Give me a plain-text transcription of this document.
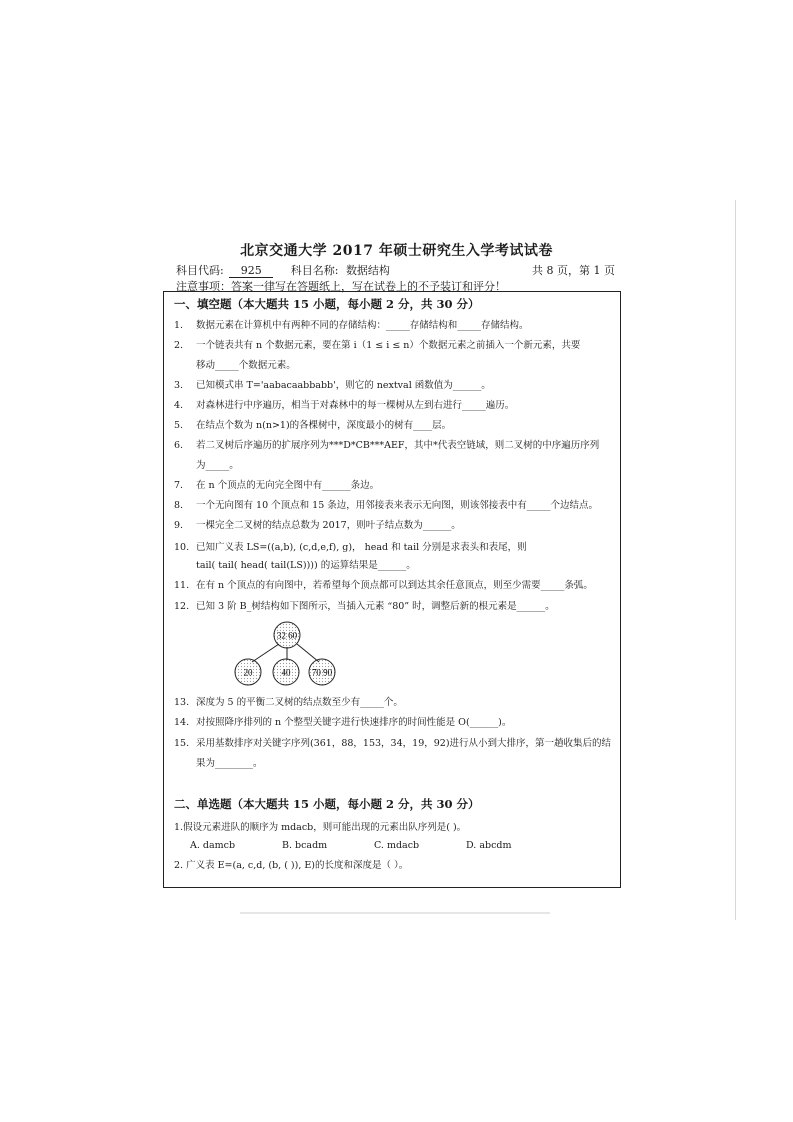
北京交通大学 2017 年硕士研究生入学考试试卷
科目代码: 925	科目名称: 数据结构	共 8 页，第 1 页
注意事项：答案一律写在答题纸上，写在试卷上的不予装订和评分！
一、填空题（本大题共 15 小题，每小题 2 分，共 30 分）
1. 数据元素在计算机中有两种不同的存储结构：_____存储结构和_____存储结构。
2. 一个链表共有 n 个数据元素，要在第 i（1 ≤ i ≤ n）个数据元素之前插入一个新元素，共要
移动_____个数据元素。
3. 已知模式串 T='aabacaabbabb'，则它的 nextval 函数值为______。
4. 对森林进行中序遍历，相当于对森林中的每一棵树从左到右进行_____遍历。
5. 在结点个数为 n(n>1)的各棵树中，深度最小的树有____层。
6. 若二叉树后序遍历的扩展序列为***D*CB***AEF，其中*代表空链域，则二叉树的中序遍历序列
为_____。
7. 在 n 个顶点的无向完全图中有______条边。
8. 一个无向图有 10 个顶点和 15 条边，用邻接表来表示无向图，则该邻接表中有_____个边结点。
9. 一棵完全二叉树的结点总数为 2017，则叶子结点数为______。
10. 已知广义表 LS=((a,b), (c,d,e,f), g)， head 和 tail 分别是求表头和表尾，则
tail( tail( head( tail(LS)))) 的运算结果是______。
11. 在有 n 个顶点的有向图中，若希望每个顶点都可以到达其余任意顶点，则至少需要_____条弧。
12. 已知 3 阶 B_树结构如下图所示，当插入元素 “80” 时，调整后新的根元素是______。
32 60
20	40 70 90
13. 深度为 5 的平衡二叉树的结点数至少有_____个。
14. 对按照降序排列的 n 个整型关键字进行快速排序的时间性能是 O(______)。
15. 采用基数排序对关键字序列(361，88，153，34，19，92)进行从小到大排序，第一趟收集后的结
果为________。
二、单选题（本大题共 15 小题，每小题 2 分，共 30 分）
1.假设元素进队的顺序为 mdacb，则可能出现的元素出队序列是( )。
A. damcb	B. bcadm	C. mdacb	D. abcdm
2. 广义表 E=(a, c,d, (b, ( )), E)的长度和深度是（ ）。
